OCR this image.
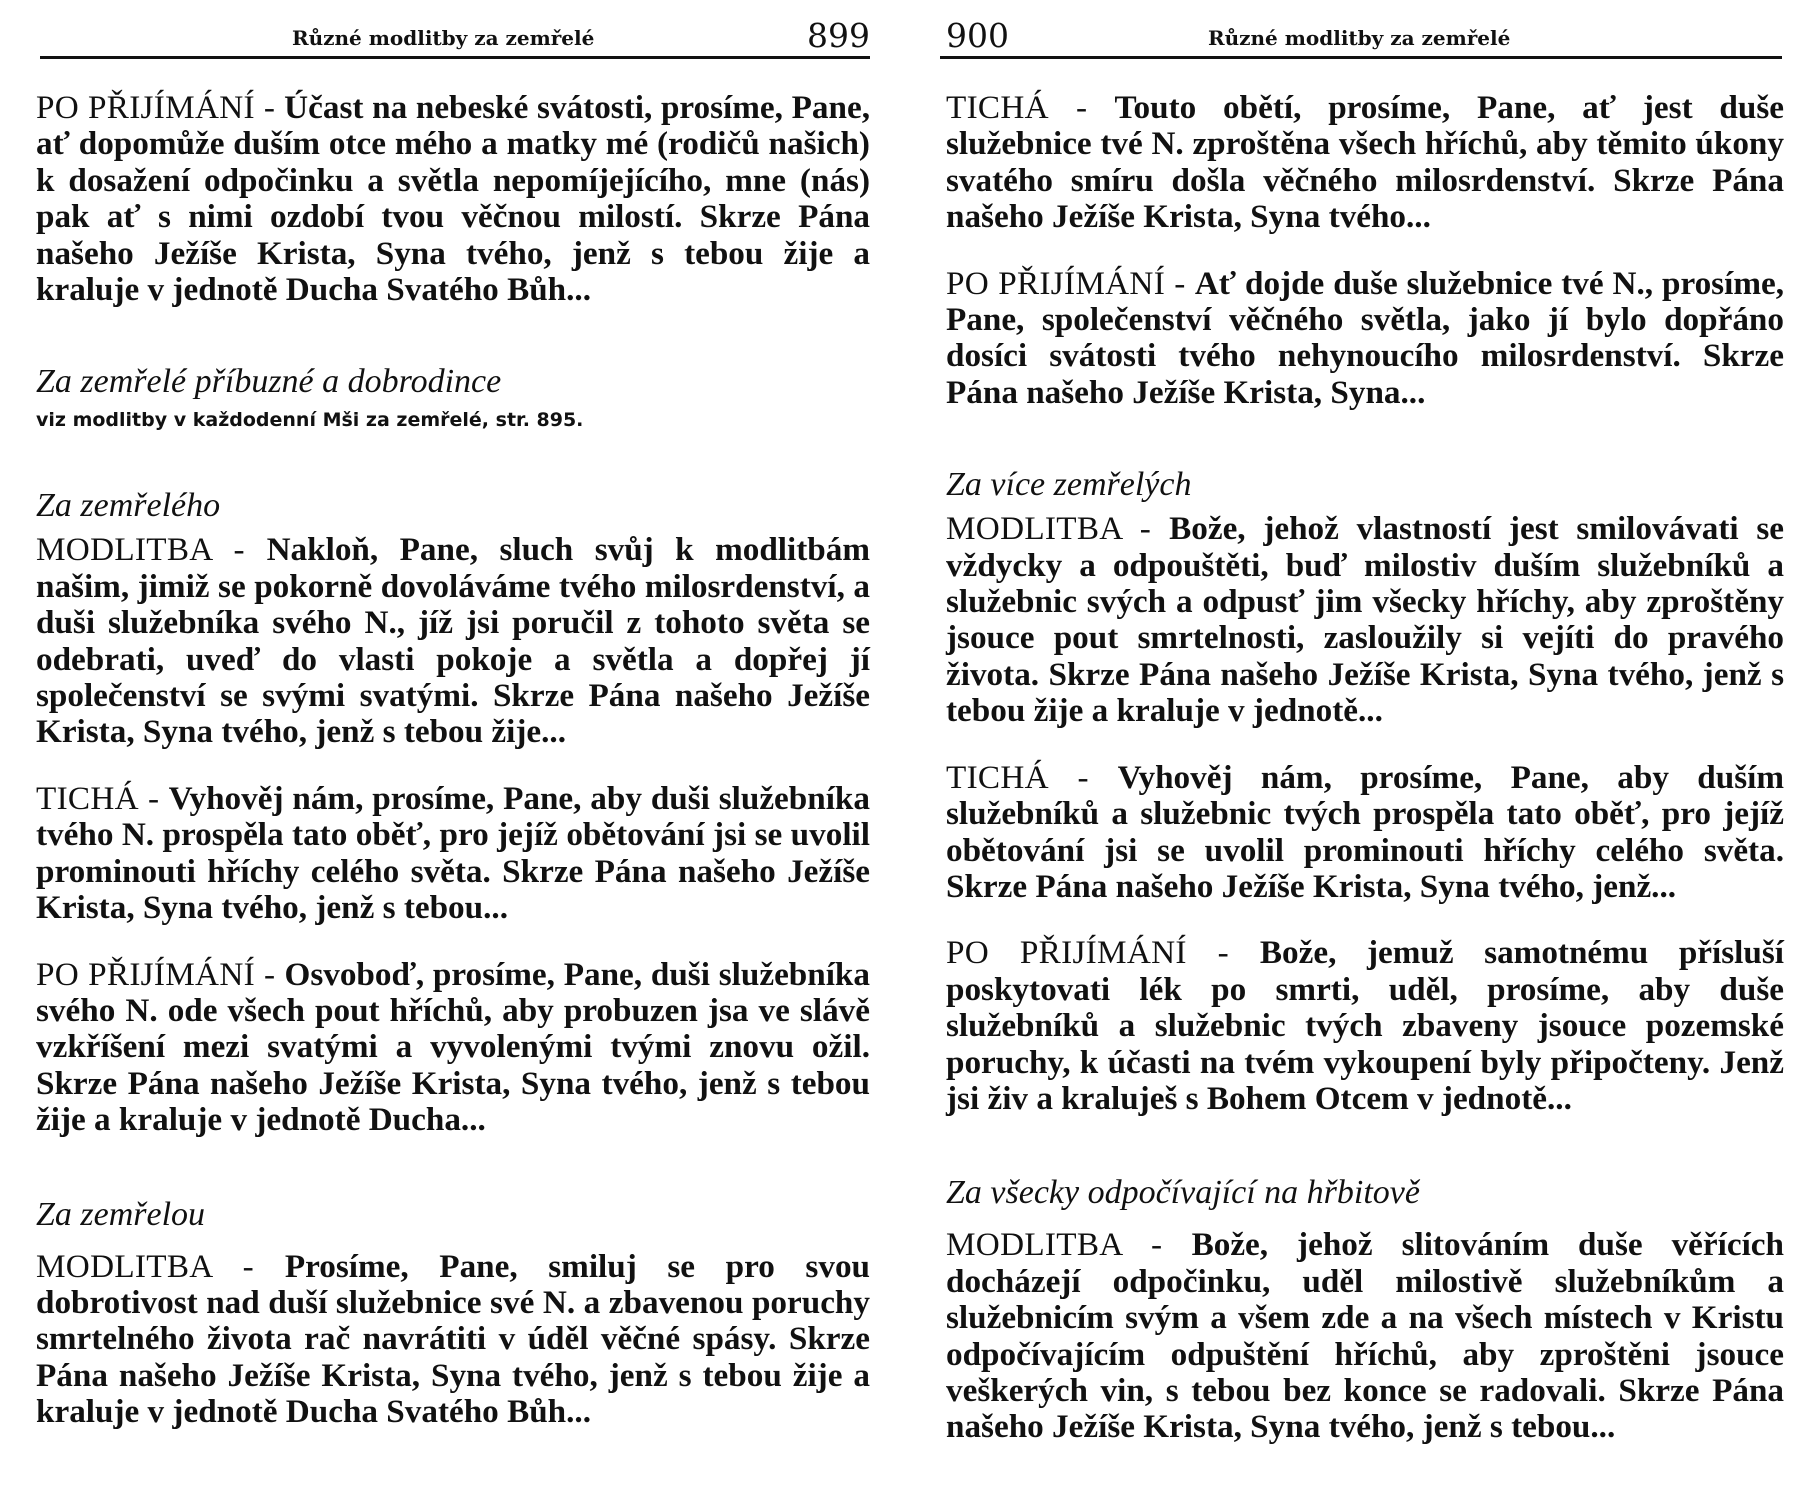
Různé modlitby za zemřelé	899

PO PŘIJÍMÁNÍ - Účast na nebeské svátosti, prosíme, Pane, ať dopomůže duším otce mého a matky mé (rodičů našich) k dosažení odpočinku a světla nepomíjejícího, mne (nás) pak ať s nimi ozdobí tvou věčnou milostí. Skrze Pána našeho Ježíše Krista, Syna tvého, jenž s tebou žije a kraluje v jednotě Ducha Svatého Bůh...

Za zemřelé příbuzné a dobrodince

viz modlitby v každodenní Mši za zemřelé, str. 895.

Za zemřelého

MODLITBA - Nakloň, Pane, sluch svůj k modlitbám našim, jimiž se pokorně dovoláváme tvého milosrdenství, a duši služebníka svého N., jíž jsi poručil z tohoto světa se odebrati, uveď do vlasti pokoje a světla a dopřej jí společenství se svými svatými. Skrze Pána našeho Ježíše Krista, Syna tvého, jenž s tebou žije...

TICHÁ - Vyhověj nám, prosíme, Pane, aby duši služebníka tvého N. prospěla tato oběť, pro jejíž obětování jsi se uvolil prominouti hříchy celého světa. Skrze Pána našeho Ježíše Krista, Syna tvého, jenž s tebou...

PO PŘIJÍMÁNÍ - Osvoboď, prosíme, Pane, duši služebníka svého N. ode všech pout hříchů, aby probuzen jsa ve slávě vzkříšení mezi svatými a vyvolenými tvými znovu ožil. Skrze Pána našeho Ježíše Krista, Syna tvého, jenž s tebou žije a kraluje v jednotě Ducha...

Za zemřelou

MODLITBA - Prosíme, Pane, smiluj se pro svou dobrotivost nad duší služebnice své N. a zbavenou poruchy smrtelného života rač navrátiti v úděl věčné spásy. Skrze Pána našeho Ježíše Krista, Syna tvého, jenž s tebou žije a kraluje v jednotě Ducha Svatého Bůh...

900	Různé modlitby za zemřelé

TICHÁ - Touto obětí, prosíme, Pane, ať jest duše služebnice tvé N. zproštěna všech hříchů, aby těmito úkony svatého smíru došla věčného milosrdenství. Skrze Pána našeho Ježíše Krista, Syna tvého...

PO PŘIJÍMÁNÍ - Ať dojde duše služebnice tvé N., prosíme, Pane, společenství věčného světla, jako jí bylo dopřáno dosíci svátosti tvého nehynoucího milosrdenství. Skrze Pána našeho Ježíše Krista, Syna...

Za více zemřelých

MODLITBA - Bože, jehož vlastností jest smilovávati se vždycky a odpouštěti, buď milostiv duším služebníků a služebnic svých a odpusť jim všecky hříchy, aby zproštěny jsouce pout smrtelnosti, zasloužily si vejíti do pravého života. Skrze Pána našeho Ježíše Krista, Syna tvého, jenž s tebou žije a kraluje v jednotě...

TICHÁ - Vyhověj nám, prosíme, Pane, aby duším služebníků a služebnic tvých prospěla tato oběť, pro jejíž obětování jsi se uvolil prominouti hříchy celého světa. Skrze Pána našeho Ježíše Krista, Syna tvého, jenž...

PO PŘIJÍMÁNÍ - Bože, jemuž samotnému přísluší poskytovati lék po smrti, uděl, prosíme, aby duše služebníků a služebnic tvých zbaveny jsouce pozemské poruchy, k účasti na tvém vykoupení byly připočteny. Jenž jsi živ a kraluješ s Bohem Otcem v jednotě...

Za všecky odpočívající na hřbitově

MODLITBA - Bože, jehož slitováním duše věřících docházejí odpočinku, uděl milostivě služebníkům a služebnicím svým a všem zde a na všech místech v Kristu odpočívajícím odpuštění hříchů, aby zproštěni jsouce veškerých vin, s tebou bez konce se radovali. Skrze Pána našeho Ježíše Krista, Syna tvého, jenž s tebou...
